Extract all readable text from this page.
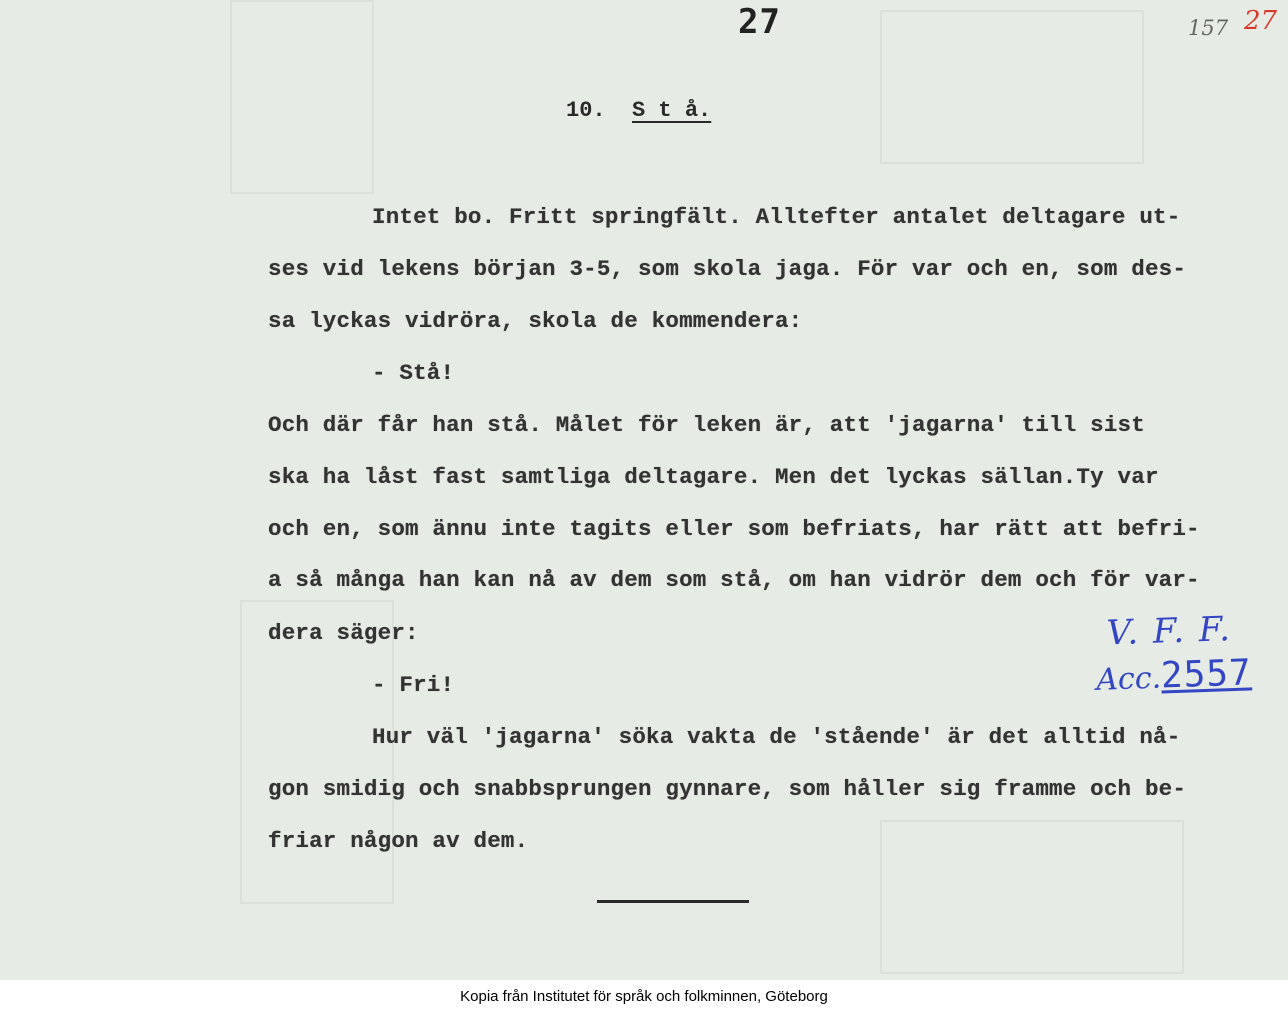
27	157 27
10. S t å.
Intet bo. Fritt springfält. Alltefter antalet deltagare ut-
ses vid lekens början 3-5, som skola jaga. För var och en, som des-
sa lyckas vidröra, skola de kommendera:
- Stå!
Och där får han stå. Målet för leken är, att 'jagarna' till sist
ska ha låst fast samtliga deltagare. Men det lyckas sällan.Ty var
och en, som ännu inte tagits eller som befriats, har rätt att befri-
a så många han kan nå av dem som stå, om han vidrör dem och för var-
dera säger:
- Fri!
Hur väl 'jagarna' söka vakta de 'stående' är det alltid nå-
gon smidig och snabbsprungen gynnare, som håller sig framme och be-
friar någon av dem.
V. F. F.
Acc.2557
Kopia från Institutet för språk och folkminnen, Göteborg
